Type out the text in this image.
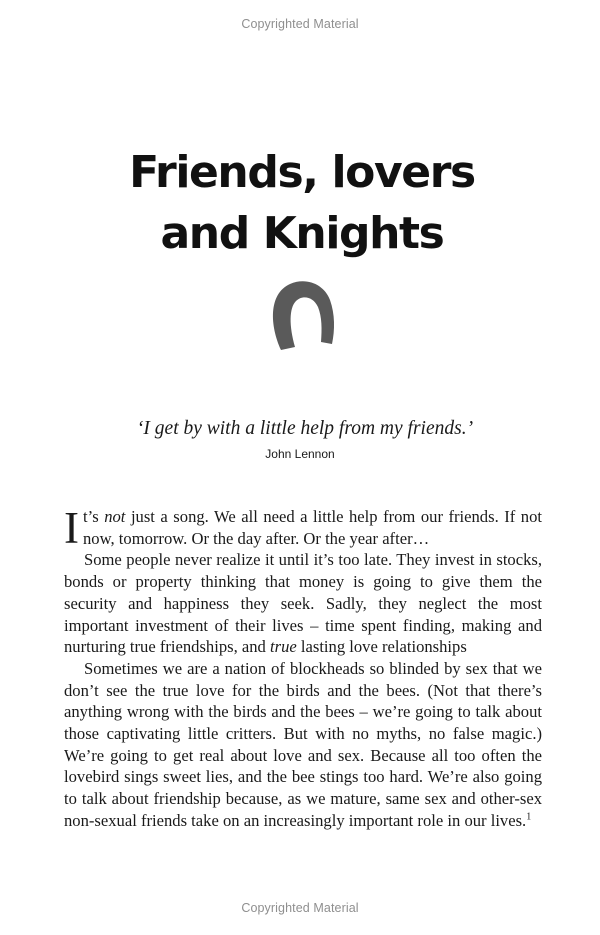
Copyrighted Material
Friends, lovers
and Knights
‘I get by with a little help from my friends.’
John Lennon

It’s not just a song. We all need a little help from our friends. If not now, tomorrow. Or the day after. Or the year after…

Some people never realize it until it’s too late. They invest in stocks, bonds or property thinking that money is going to give them the security and happiness they seek. Sadly, they neglect the most important investment of their lives – time spent finding, making and nurturing true friendships, and true lasting love relationships

Sometimes we are a nation of blockheads so blinded by sex that we don’t see the true love for the birds and the bees. (Not that there’s anything wrong with the birds and the bees – we’re going to talk about those captivating little critters. But with no myths, no false magic.) We’re going to get real about love and sex. Because all too often the lovebird sings sweet lies, and the bee stings too hard. We’re also going to talk about friendship because, as we mature, same sex and other-sex non-sexual friends take on an increasingly important role in our lives.$^1$

Copyrighted Material
